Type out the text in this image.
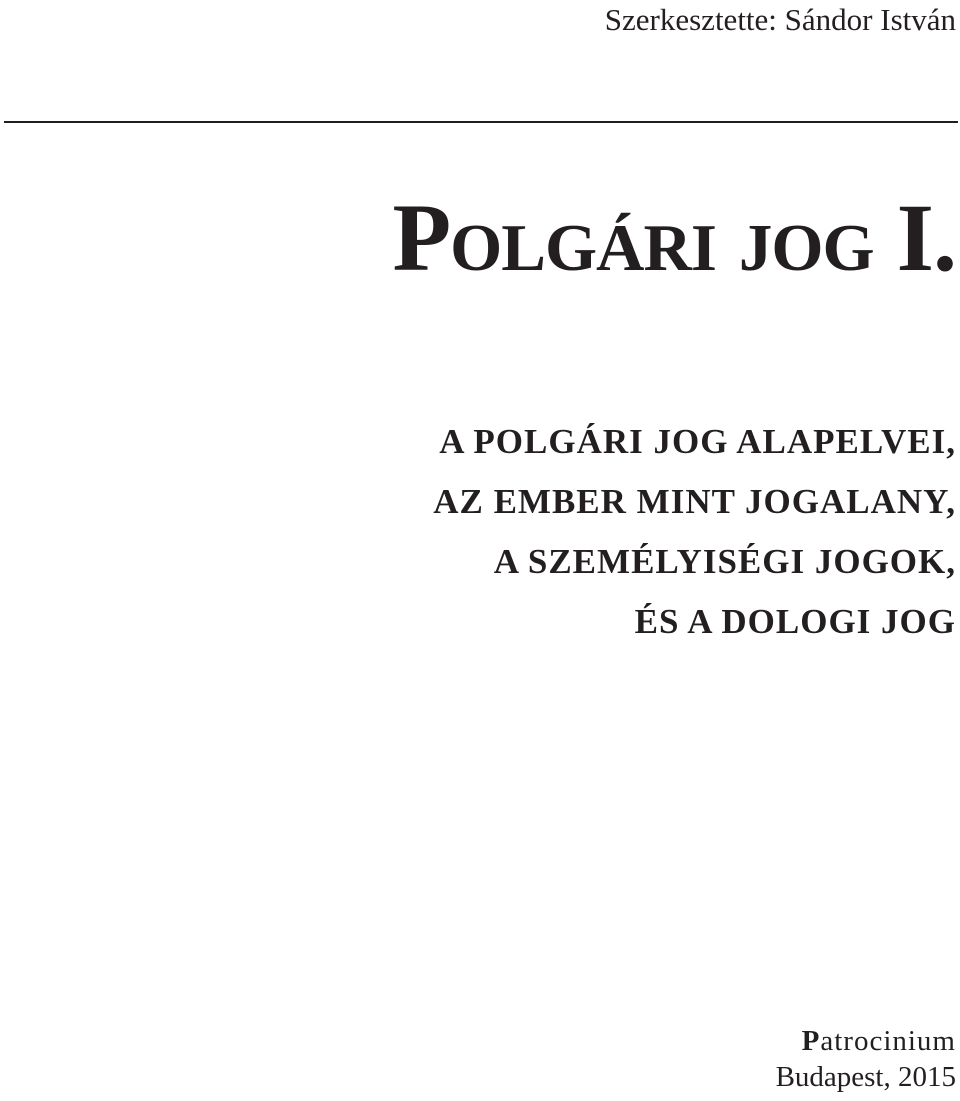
Szerkesztette: Sándor István
Polgári jog I.
A POLGÁRI JOG ALAPELVEI,
AZ EMBER MINT JOGALANY,
A SZEMÉLYISÉGI JOGOK,
ÉS A DOLOGI JOG
Patrocinium
Budapest, 2015
